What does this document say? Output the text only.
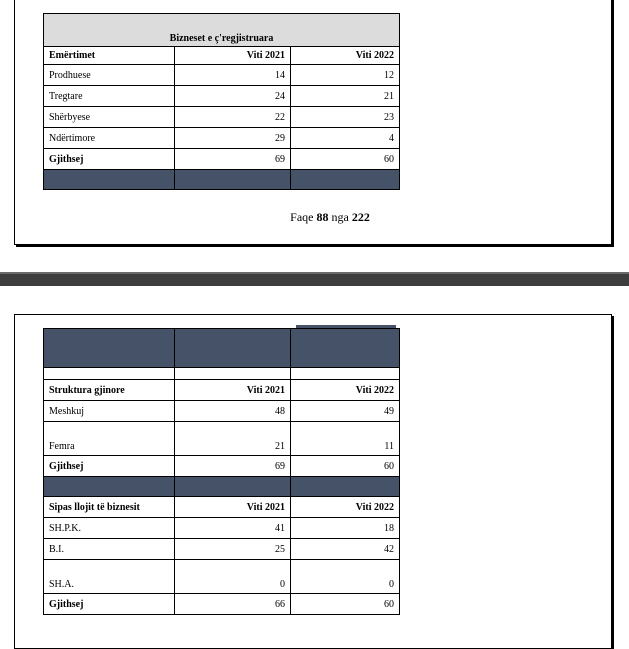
Bizneset e ç'regjistruara		
Emërtimet	Viti 2021	Viti 2022
Prodhuese	14	12
Tregtare	24	21
Shërbyese	22	23
Ndërtimore	29	4
Gjithsej	69	60

Faqe 88 nga 222

Struktura gjinore	Viti 2021	Viti 2022
Meshkuj	48	49
Femra	21	11
Gjithsej	69	60

Sipas llojit të biznesit	Viti 2021	Viti 2022
SH.P.K.	41	18
B.I.	25	42
SH.A.	0	0
Gjithsej	66	60
